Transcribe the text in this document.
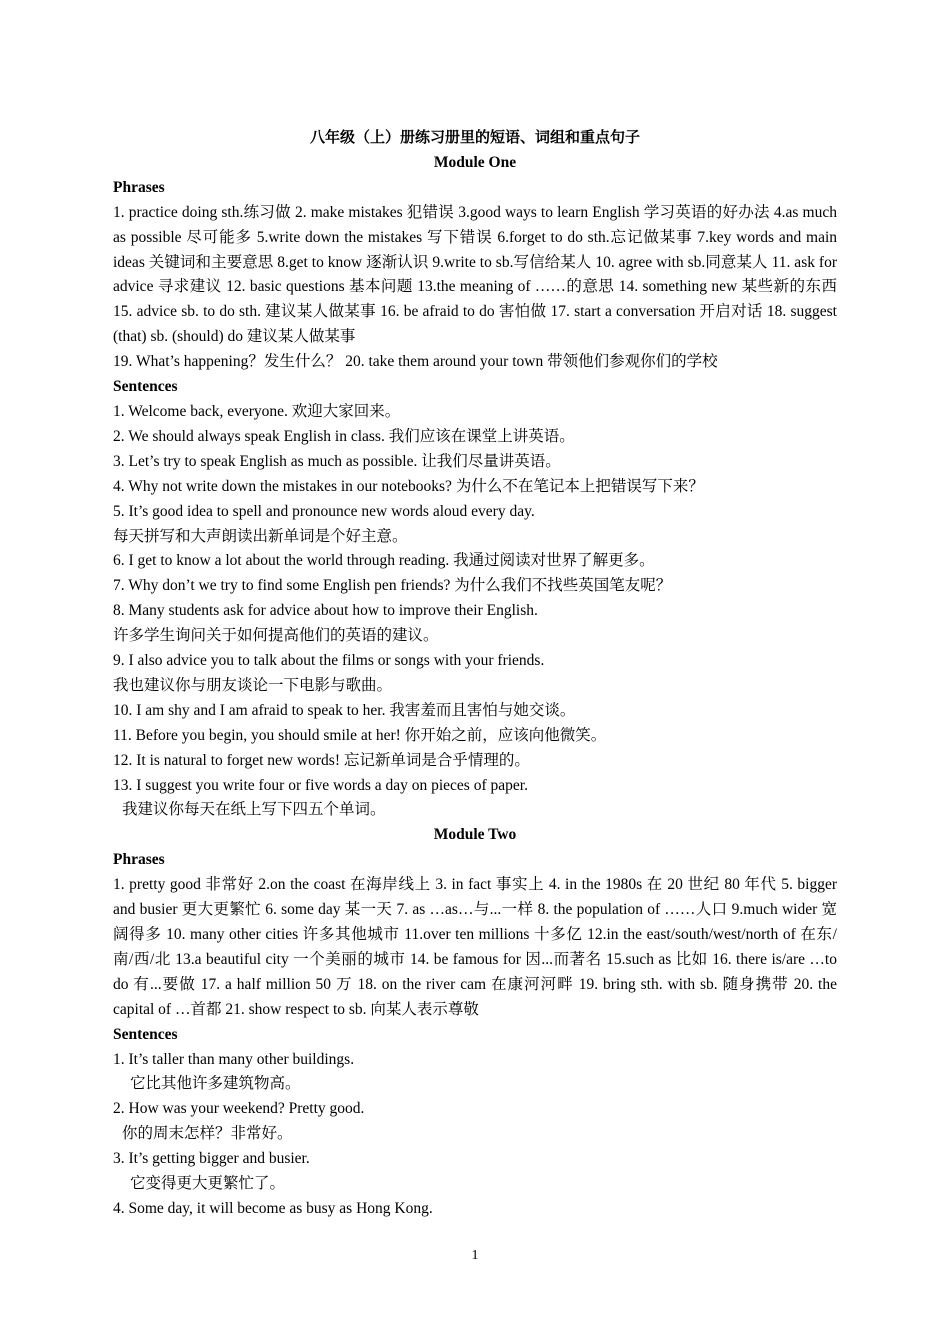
八年级（上）册练习册里的短语、词组和重点句子
Module One
Phrases
1. practice doing sth.练习做 2. make mistakes 犯错误 3.good ways to learn English 学习英语的好办法 4.as much as possible 尽可能多 5.write down the mistakes 写下错误 6.forget to do sth.忘记做某事 7.key words and main ideas 关键词和主要意思 8.get to know 逐渐认识 9.write to sb.写信给某人 10. agree with sb.同意某人 11. ask for advice 寻求建议 12. basic questions 基本问题 13.the meaning of ……的意思 14. something new 某些新的东西 15. advice sb. to do sth. 建议某人做某事 16. be afraid to do 害怕做 17. start a conversation 开启对话 18. suggest (that) sb. (should) do 建议某人做某事
19. What’s happening？发生什么？ 20. take them around your town 带领他们参观你们的学校
Sentences
1. Welcome back, everyone. 欢迎大家回来。
2. We should always speak English in class. 我们应该在课堂上讲英语。
3. Let’s try to speak English as much as possible. 让我们尽量讲英语。
4. Why not write down the mistakes in our notebooks? 为什么不在笔记本上把错误写下来？
5. It’s good idea to spell and pronounce new words aloud every day.
每天拼写和大声朗读出新单词是个好主意。
6. I get to know a lot about the world through reading. 我通过阅读对世界了解更多。
7. Why don’t we try to find some English pen friends? 为什么我们不找些英国笔友呢？
8. Many students ask for advice about how to improve their English.
许多学生询问关于如何提高他们的英语的建议。
9. I also advice you to talk about the films or songs with your friends.
我也建议你与朋友谈论一下电影与歌曲。
10. I am shy and I am afraid to speak to her. 我害羞而且害怕与她交谈。
11. Before you begin, you should smile at her! 你开始之前，应该向他微笑。
12. It is natural to forget new words! 忘记新单词是合乎情理的。
13. I suggest you write four or five words a day on pieces of paper.
我建议你每天在纸上写下四五个单词。
Module Two
Phrases
1. pretty good 非常好 2.on the coast 在海岸线上 3. in fact 事实上 4. in the 1980s 在 20 世纪 80 年代 5. bigger and busier 更大更繁忙 6. some day 某一天 7. as …as…与...一样 8. the population of ……人口 9.much wider 宽阔得多 10. many other cities 许多其他城市 11.over ten millions 十多亿 12.in the east/south/west/north of 在东/南/西/北 13.a beautiful city 一个美丽的城市 14. be famous for 因...而著名 15.such as 比如 16. there is/are …to do 有...要做 17. a half million 50 万 18. on the river cam 在康河河畔 19. bring sth. with sb. 随身携带 20. the capital of …首都 21. show respect to sb. 向某人表示尊敬
Sentences
1. It’s taller than many other buildings.
它比其他许多建筑物高。
2. How was your weekend? Pretty good.
你的周末怎样？非常好。
3. It’s getting bigger and busier.
它变得更大更繁忙了。
4. Some day, it will become as busy as Hong Kong.
1
